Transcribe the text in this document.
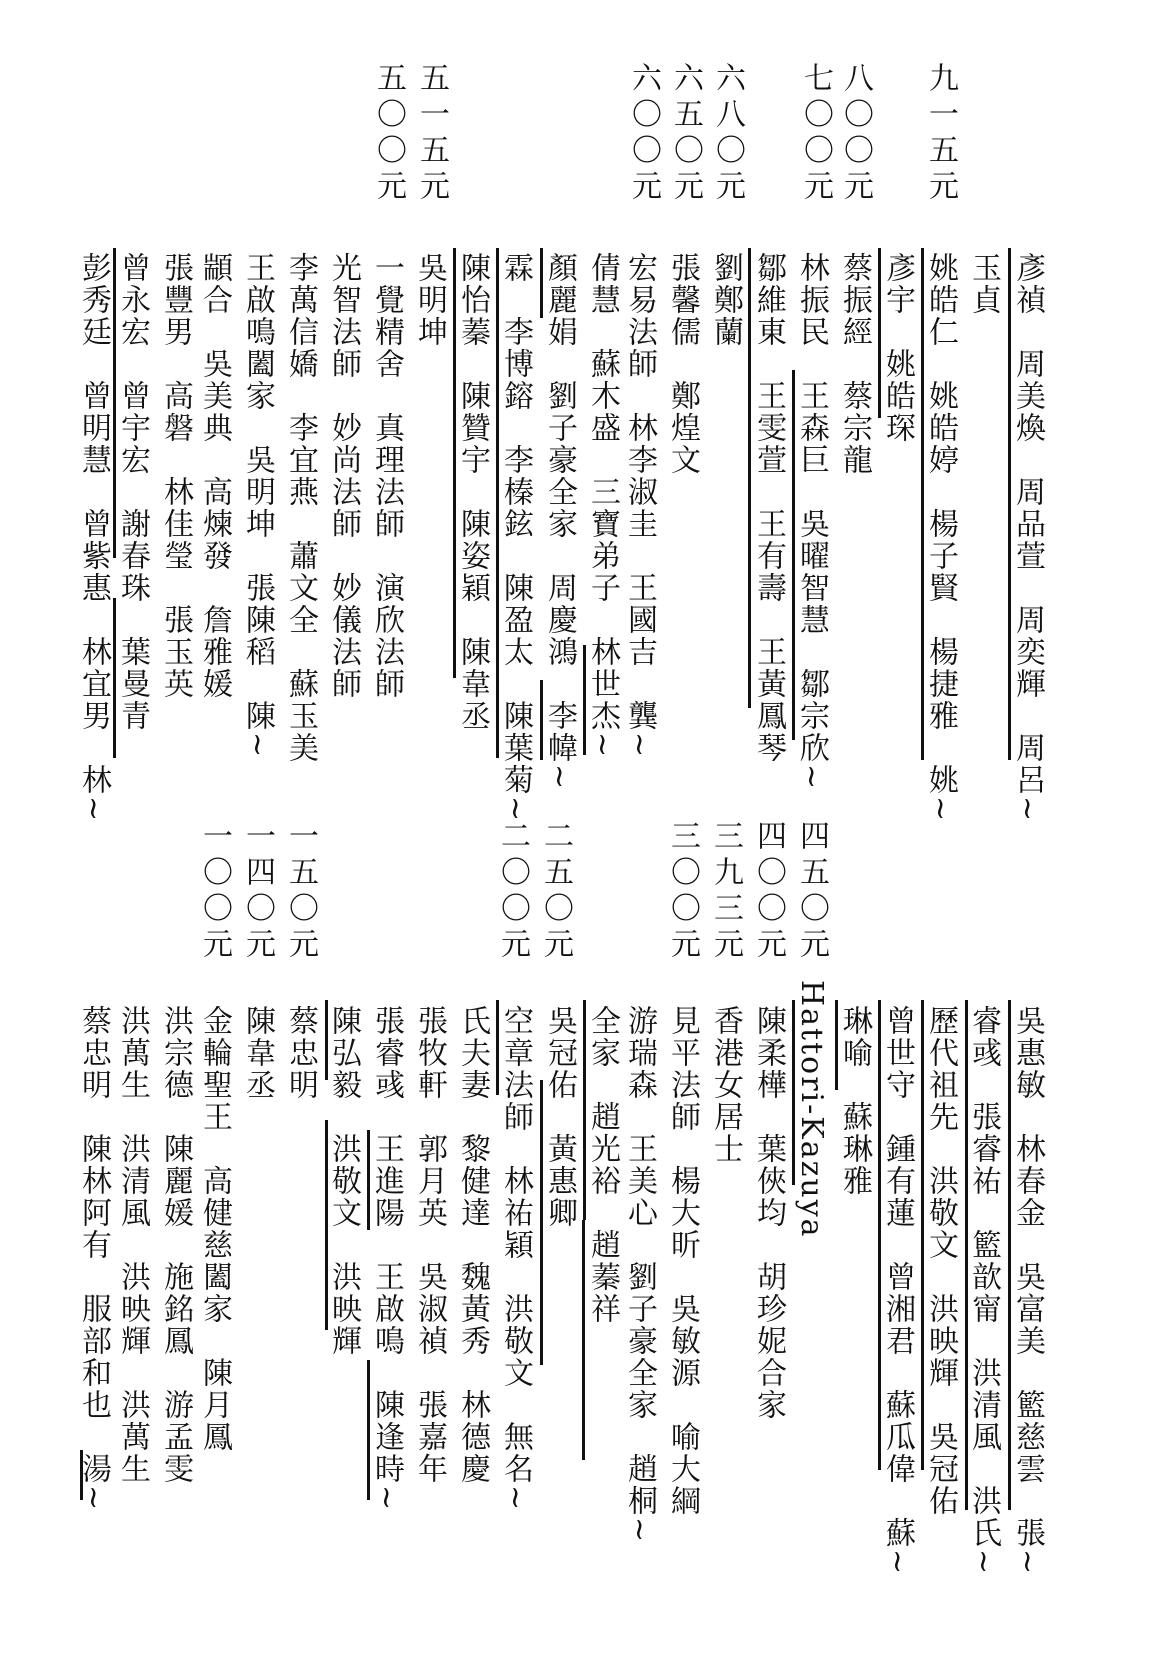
九一五元
八〇〇元
七〇〇元
六八〇元
六五〇元
六〇〇元
五一五元
五〇〇元
彥禎　周美煥　周品萱　周奕輝　周呂~
玉貞
姚皓仁　姚皓婷　楊子賢　楊捷雅　姚~
彥宇　姚皓琛
蔡振經　蔡宗龍
林振民　王森巨　吳曜智慧　鄒宗欣~
鄒維東　王雯萱　王有壽　王黃鳳琴
劉鄭蘭
張馨儒　鄭煌文
宏易法師　林李淑圭　王國吉　龔~
倩慧　蘇木盛　三寶弟子　林世杰~
顏麗娟　劉子豪全家　周慶鴻　李幃~
霖　李博鎔　李榛鉉　陳盈太　陳葉菊~
陳怡蓁　陳贊宇　陳姿穎　陳韋丞
吳明坤
一覺精舍　真理法師　演欣法師
光智法師　妙尚法師　妙儀法師
李萬信嬌　李宜燕　蕭文全　蘇玉美
王啟鳴闔家　吳明坤　張陳稻　陳~
顓合　吳美典　高煉發　詹雅媛
張豐男　高磐　林佳瑩　張玉英
曾永宏　曾宇宏　謝春珠　葉曼青
彭秀廷　曾明慧　曾紫惠　林宜男　林~
四五〇元
四〇〇元
三九三元
三〇〇元
二五〇元
二〇〇元
一五〇元
一四〇元
一〇〇元
吳惠敏　林春金　吳富美　籃慈雲　張~
睿彧　張睿祐　籃歆甯　洪清風　洪氏~
歷代祖先　洪敬文　洪映輝　吳冠佑
曾世守　鍾有蓮　曾湘君　蘇瓜偉　蘇~
琳喻　蘇琳雅
Hattori-Kazuya
陳柔樺　葉俠均　胡珍妮合家
香港女居士
見平法師　楊大昕　吳敏源　喻大綱
游瑞森　王美心　劉子豪全家　趙桐~
全家　趙光裕　趙蓁祥
吳冠佑　黃惠卿
空章法師　林祐穎　洪敬文　無名~
氏夫妻　黎健達　魏黃秀　林德慶
張牧軒　郭月英　吳淑禎　張嘉年
張睿彧　王進陽　王啟鳴　陳逢時~
陳弘毅　洪敬文　洪映輝
蔡忠明
陳韋丞
金輪聖王　高健慈闔家　陳月鳳
洪宗德　陳麗媛　施銘鳳　游孟雯
洪萬生　洪清風　洪映輝　洪萬生
蔡忠明　陳林阿有　服部和也　湯~
